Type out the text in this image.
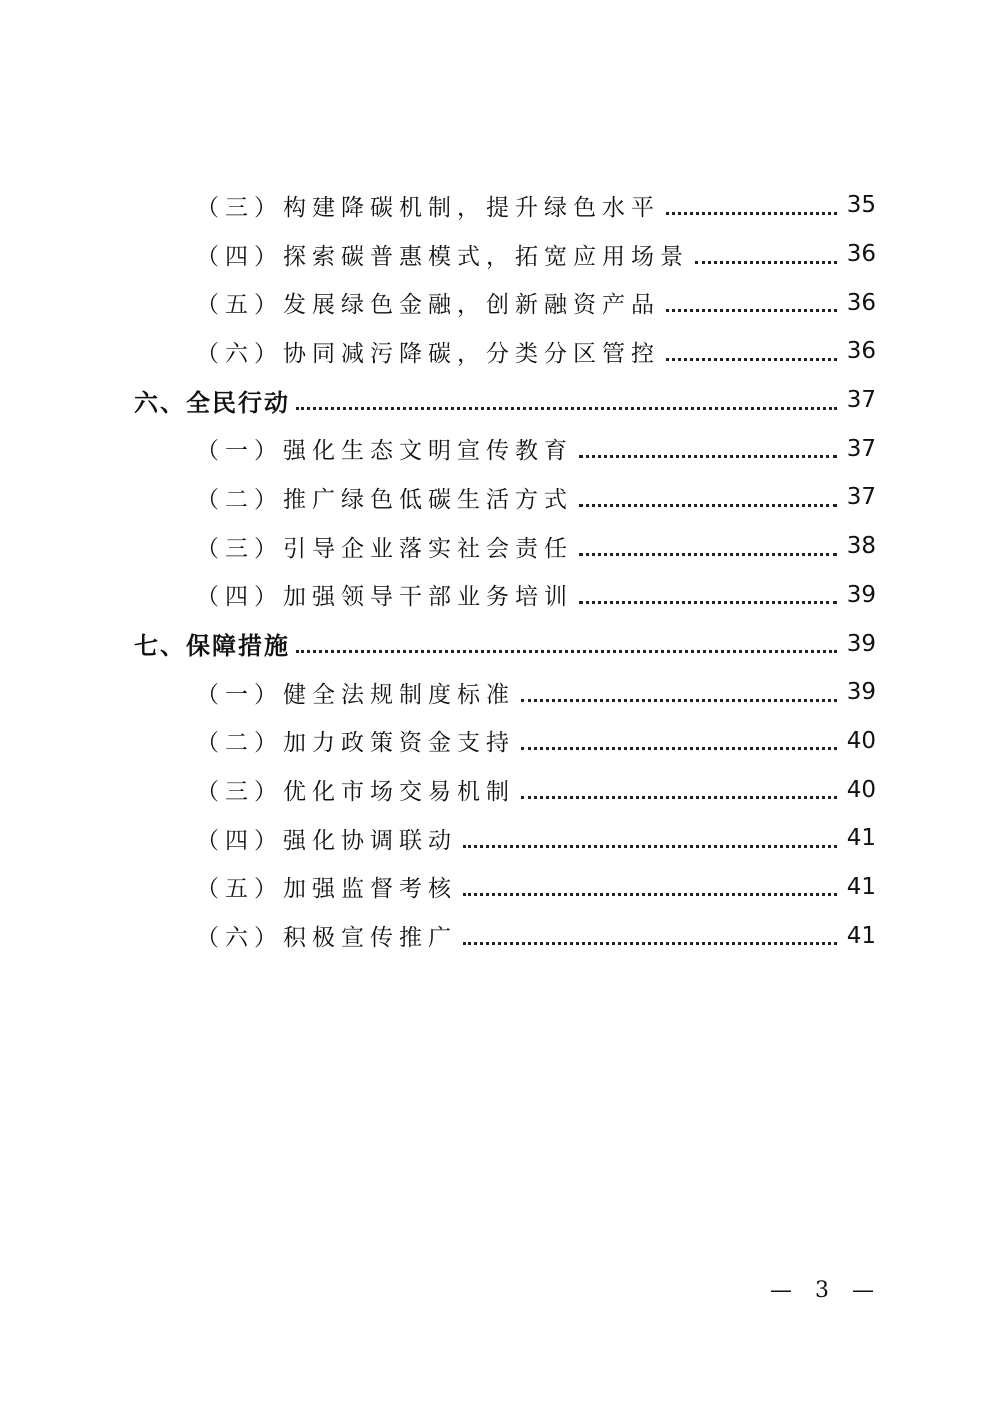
（三）构建降碳机制，提升绿色水平	35
（四）探索碳普惠模式，拓宽应用场景	36
（五）发展绿色金融，创新融资产品	36
（六）协同减污降碳，分类分区管控	36
六、全民行动	37
（一）强化生态文明宣传教育	37
（二）推广绿色低碳生活方式	37
（三）引导企业落实社会责任	38
（四）加强领导干部业务培训	39
七、保障措施	39
（一）健全法规制度标准	39
（二）加力政策资金支持	40
（三）优化市场交易机制	40
（四）强化协调联动	41
（五）加强监督考核	41
（六）积极宣传推广	41
— 3 —
